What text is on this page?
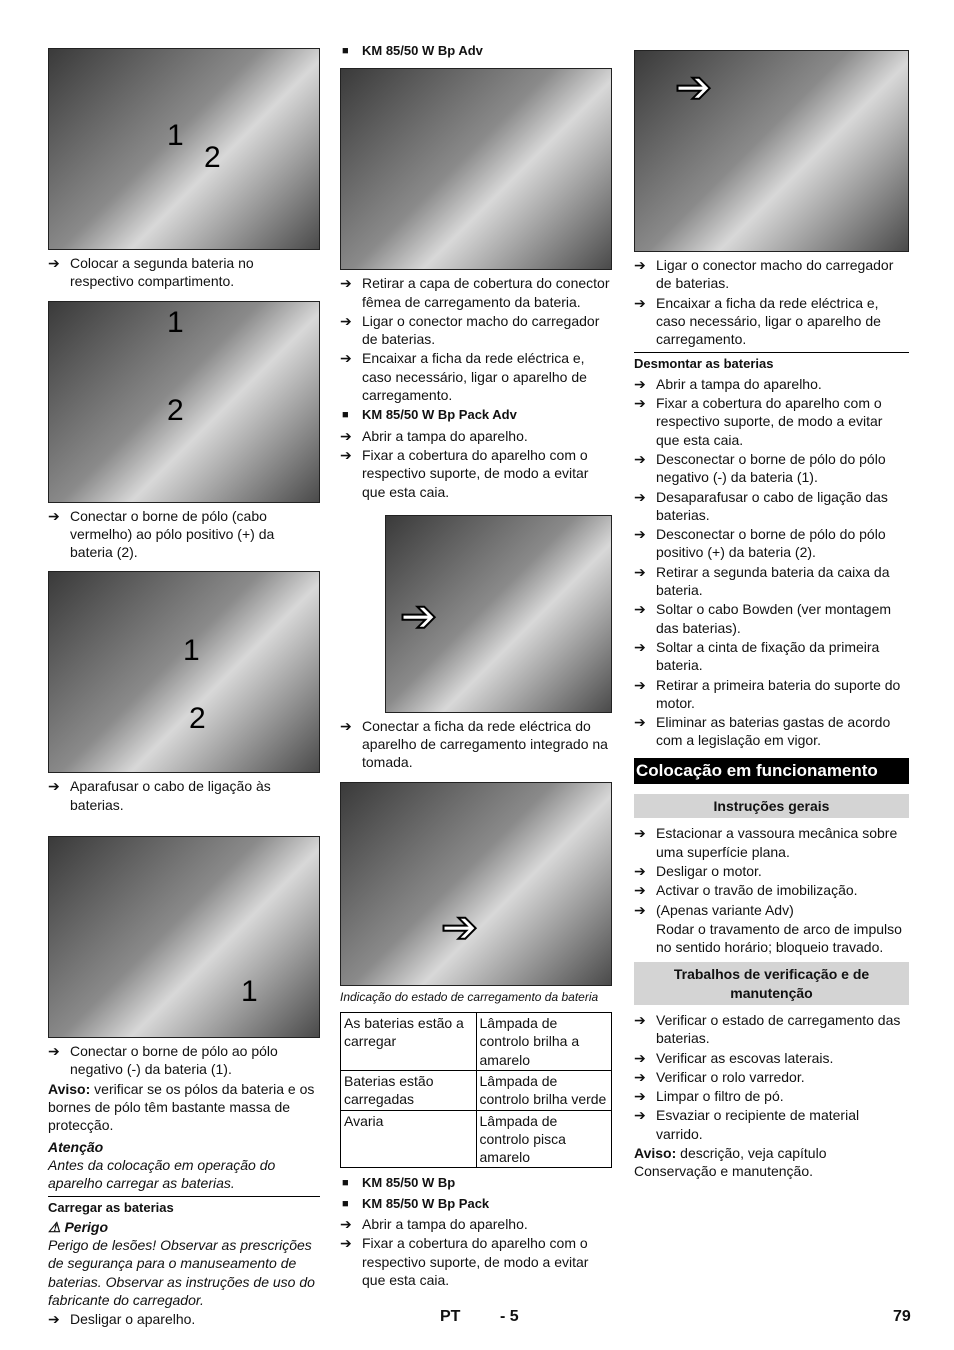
1
2
➔ Colocar a segunda bateria no respectivo compartimento.
1
2
➔ Conectar o borne de pólo (cabo vermelho) ao pólo positivo (+) da bateria (2).
1
2
➔ Aparafusar o cabo de ligação às baterias.
1
➔ Conectar o borne de pólo ao pólo negativo (-) da bateria (1).
Aviso: verificar se os pólos da bateria e os bornes de pólo têm bastante massa de protecção.
Atenção
Antes da colocação em operação do aparelho carregar as baterias.
Carregar as baterias
⚠ Perigo
Perigo de lesões! Observar as prescrições de segurança para o manuseamento de baterias. Observar as instruções de uso do fabricante do carregador.
➔ Desligar o aparelho.
■ KM 85/50 W Bp Adv
➔ Retirar a capa de cobertura do conector fêmea de carregamento da bateria.
➔ Ligar o conector macho do carregador de baterias.
➔ Encaixar a ficha da rede eléctrica e, caso necessário, ligar o aparelho de carregamento.
■ KM 85/50 W Bp Pack Adv
➔ Abrir a tampa do aparelho.
➔ Fixar a cobertura do aparelho com o respectivo suporte, de modo a evitar que esta caia.
➔
➔ Conectar a ficha da rede eléctrica do aparelho de carregamento integrado na tomada.
➔
Indicação do estado de carregamento da bateria
As baterias estão a carregar	Lâmpada de controlo brilha a amarelo
Baterias estão carregadas	Lâmpada de controlo brilha verde
Avaria	Lâmpada de controlo pisca amarelo
■ KM 85/50 W Bp
■ KM 85/50 W Bp Pack
➔ Abrir a tampa do aparelho.
➔ Fixar a cobertura do aparelho com o respectivo suporte, de modo a evitar que esta caia.
➔
➔ Ligar o conector macho do carregador de baterias.
➔ Encaixar a ficha da rede eléctrica e, caso necessário, ligar o aparelho de carregamento.
Desmontar as baterias
➔ Abrir a tampa do aparelho.
➔ Fixar a cobertura do aparelho com o respectivo suporte, de modo a evitar que esta caia.
➔ Desconectar o borne de pólo do pólo negativo (-) da bateria (1).
➔ Desaparafusar o cabo de ligação das baterias.
➔ Desconectar o borne de pólo do pólo positivo (+) da bateria (2).
➔ Retirar a segunda bateria da caixa da bateria.
➔ Soltar o cabo Bowden (ver montagem das baterias).
➔ Soltar a cinta de fixação da primeira bateria.
➔ Retirar a primeira bateria do suporte do motor.
➔ Eliminar as baterias gastas de acordo com a legislação em vigor.
Colocação em funcionamento
Instruções gerais
➔ Estacionar a vassoura mecânica sobre uma superfície plana.
➔ Desligar o motor.
➔ Activar o travão de imobilização.
➔ (Apenas variante Adv)
Rodar o travamento de arco de impulso no sentido horário; bloqueio travado.
Trabalhos de verificação e de manutenção
➔ Verificar o estado de carregamento das baterias.
➔ Verificar as escovas laterais.
➔ Verificar o rolo varredor.
➔ Limpar o filtro de pó.
➔ Esvaziar o recipiente de material varrido.
Aviso: descrição, veja capítulo Conservação e manutenção.
PT - 5	79
